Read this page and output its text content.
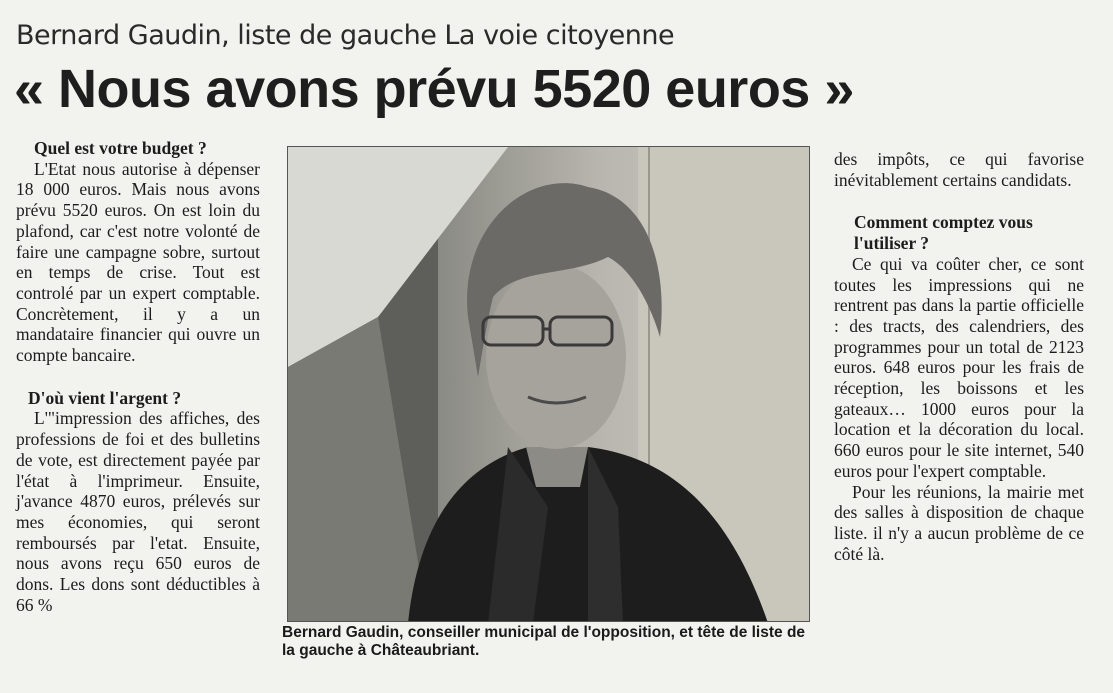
Bernard Gaudin, liste de gauche La voie citoyenne
« Nous avons prévu 5520 euros »
Quel est votre budget ?

L'Etat nous autorise à dépenser 18 000 euros. Mais nous avons prévu 5520 euros. On est loin du plafond, car c'est notre volonté de faire une campagne sobre, surtout en temps de crise. Tout est controlé par un expert comptable. Concrètement, il y a un mandataire financier qui ouvre un compte bancaire.

D'où vient l'argent ?

L'"impression des affiches, des professions de foi et des bulletins de vote, est directement payée par l'état à l'imprimeur. Ensuite, j'avance 4870 euros, prélevés sur mes économies, qui seront remboursés par l'etat. Ensuite, nous avons reçu 650 euros de dons. Les dons sont déductibles à 66 %

Bernard Gaudin, conseiller municipal de l'opposition, et tête de liste de la gauche à Châteaubriant.

des impôts, ce qui favorise inévitablement certains candidats.

Comment comptez vous l'utiliser ?

Ce qui va coûter cher, ce sont toutes les impressions qui ne rentrent pas dans la partie officielle : des tracts, des calendriers, des programmes pour un total de 2123 euros. 648 euros pour les frais de réception, les boissons et les gateaux… 1000 euros pour la location et la décoration du local. 660 euros pour le site internet, 540 euros pour l'expert comptable.

Pour les réunions, la mairie met des salles à disposition de chaque liste. il n'y a aucun problème de ce côté là.
